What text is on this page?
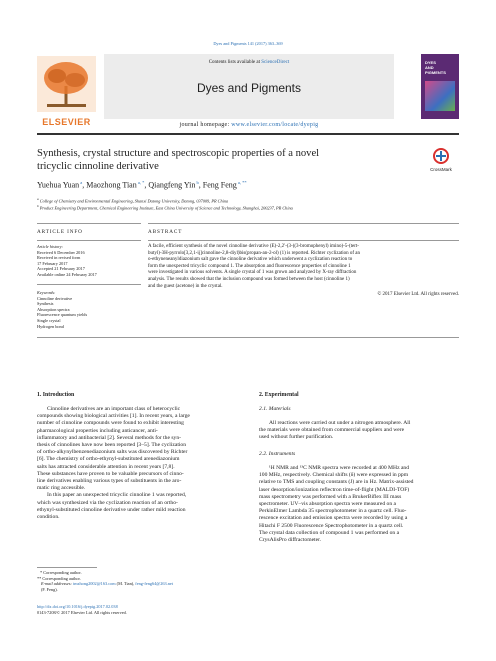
Dyes and Pigments 141 (2017) 363–369
ELSEVIER
Contents lists available at ScienceDirect
Dyes and Pigments
journal homepage: www.elsevier.com/locate/dyepig
DYES
AND
PIGMENTS
Synthesis, crystal structure and spectroscopic properties of a novel
tricyclic cinnoline derivative	CrossMark
Yuehua Yuan $^a$, Maozhong Tian $^{a, *}$, Qiangfeng Yin $^b$, Feng Feng $^{a, **}$
$^a$ College of Chemistry and Environmental Engineering, Shanxi Datong University, Datong, 037009, PR China
$^b$ Product Engineering Department, Chemical Engineering Institute, East China University of Science and Technology, Shanghai, 200237, PR China
ARTICLE INFO	ABSTRACT
Article history:
Received 6 December 2016
Received in revised form
17 February 2017
Accepted 21 February 2017
Available online 24 February 2017
Keywords:
Cinnoline derivative
Synthesis
Absorption spectra
Fluorescence quantum yields
Single crystal
Hydrogen bond
A facile, efficient synthesis of the novel cinnoline derivative (E)-2,2′-(3-((3-bromophenyl) imino)-5-(tert-
butyl)-3H-pyrrolo[3,2,1-ij]cinnoline-2,8-diyl)bis(propan-an-2-ol) (1) is reported. Richter cyclization of an
o-ethyneneanyldiazonium salt gave the cinnoline derivative which underwent a cyclization reaction to
form the unexpected tricyclic compound 1. The absorption and fluorescence properties of cinnoline 1
were investigated in various solvents. A single crystal of 1 was grown and analyzed by X-ray diffraction
analysis. The results showed that the inclusion compound was formed between the host (cinnoline 1)
and the guest (acetone) in the crystal.
© 2017 Elsevier Ltd. All rights reserved.
1. Introduction
Cinnoline derivatives are an important class of heterocyclic
compounds showing biological activities [1]. In recent years, a large
number of cinnoline compounds were found to exhibit interesting
pharmacological properties including anticancer, anti-
inflammatory and antibacterial [2]. Several methods for the syn-
thesis of cinnolines have now been reported [3–5]. The cyclization
of ortho-alkynylbenzenediazonium salts was discovered by Richter
[6]. The chemistry of ortho-ethynyl-substituted arenediazonium
salts has attracted considerable attention in recent years [7,8].
These substances have proven to be valuable precursors of cinno-
line derivatives enabling various types of substituents in the aro-
matic ring accessible.
In this paper an unexpected tricyclic cinnoline 1 was reported,
which was synthesized via the cyclization reaction of an ortho-
ethynyl-substituted cinnoline derivative under rather mild reaction
condition.
* Corresponding author.
** Corresponding author.
E-mail addresses: tmzhong2002@163.com (M. Tian), feng-feng64@263.net
(F. Feng).
http://dx.doi.org/10.1016/j.dyepig.2017.02.038
0143-7208/© 2017 Elsevier Ltd. All rights reserved.
2. Experimental
2.1. Materials
All reactions were carried out under a nitrogen atmosphere. All
the materials were obtained from commercial suppliers and were
used without further purification.
2.2. Instruments
¹H NMR and ¹³C NMR spectra were recorded at 400 MHz and
100 MHz, respectively. Chemical shifts (δ) were expressed in ppm
relative to TMS and coupling constants (J) are in Hz. Matrix-assisted
laser desorption/ionization reflectron time-of-flight (MALDI-TOF)
mass spectrometry was performed with a BrukerBiflex III mass
spectrometer. UV–vis absorption spectra were measured on a
PerkinElmer Lambda 35 spectrophotometer in a quartz cell. Fluo-
rescence excitation and emission spectra were recorded by using a
Hitachi F 2500 Fluorescence Spectrophotometer in a quartz cell.
The crystal data collection of compound 1 was performed on a
CrysAlisPro diffractometer.
